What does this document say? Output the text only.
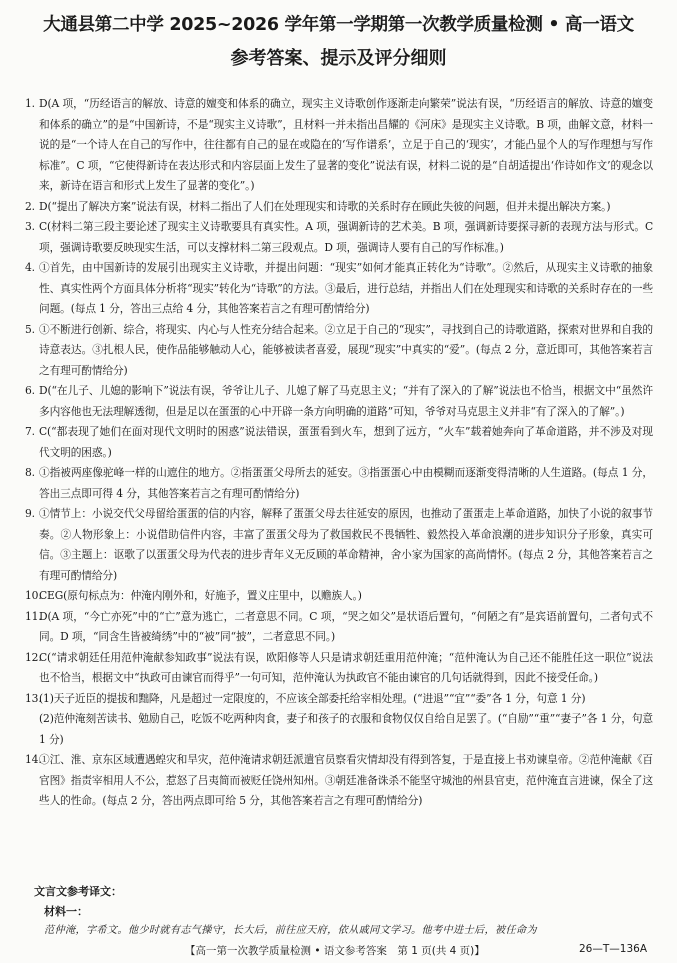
大通县第二中学 2025~2026 学年第一学期第一次教学质量检测 • 高一语文
参考答案、提示及评分细则
1. D(A 项，“历经语言的解放、诗意的嬗变和体系的确立，现实主义诗歌创作逐渐走向繁荣”说法有误，“历经语言的解放、诗意的嬗变和体系的确立”的是“中国新诗，不是“现实主义诗歌”，且材料一并未指出昌耀的《河床》是现实主义诗歌。B 项，曲解文意，材料一说的是“一个诗人在自己的写作中，往往都有自己的显在或隐在的‘写作谱系’，立足于自己的‘现实’，才能凸显个人的写作理想与写作标准”。C 项，“它使得新诗在表达形式和内容层面上发生了显著的变化”说法有误，材料二说的是“自胡适提出‘作诗如作文’的观念以来，新诗在语言和形式上发生了显著的变化”。)
2. D(“提出了解决方案”说法有误，材料二指出了人们在处理现实和诗歌的关系时存在顾此失彼的问题，但并未提出解决方案。)
3. C(材料二第三段主要论述了现实主义诗歌要具有真实性。A 项，强调新诗的艺术美。B 项，强调新诗要探寻新的表现方法与形式。C 项，强调诗歌要反映现实生活，可以支撑材料二第三段观点。D 项，强调诗人要有自己的写作标准。)
4. ①首先，由中国新诗的发展引出现实主义诗歌，并提出问题：“现实”如何才能真正转化为“诗歌”。②然后，从现实主义诗歌的抽象性、真实性两个方面具体分析将“现实”转化为“诗歌”的方法。③最后，进行总结，并指出人们在处理现实和诗歌的关系时存在的一些问题。(每点 1 分，答出三点给 4 分，其他答案若言之有理可酌情给分)
5. ①不断进行创新、综合，将现实、内心与人性充分结合起来。②立足于自己的“现实”，寻找到自己的诗歌道路，探索对世界和自我的诗意表达。③扎根人民，使作品能够触动人心，能够被读者喜爱，展现“现实”中真实的“爱”。(每点 2 分，意近即可，其他答案若言之有理可酌情给分)
6. D(“在儿子、儿媳的影响下”说法有误，爷爷让儿子、儿媳了解了马克思主义；“并有了深入的了解”说法也不恰当，根据文中“虽然许多内容他也无法理解透彻，但是足以在蛋蛋的心中开辟一条方向明确的道路”可知，爷爷对马克思主义并非“有了深入的了解”。)
7. C(“都表现了她们在面对现代文明时的困惑”说法错误，蛋蛋看到火车，想到了远方，“火车”载着她奔向了革命道路，并不涉及对现代文明的困惑。)
8. ①指被两座像驼峰一样的山遮住的地方。②指蛋蛋父母所去的延安。③指蛋蛋心中由模糊而逐渐变得清晰的人生道路。(每点 1 分，答出三点即可得 4 分，其他答案若言之有理可酌情给分)
9. ①情节上：小说交代父母留给蛋蛋的信的内容，解释了蛋蛋父母去往延安的原因，也推动了蛋蛋走上革命道路，加快了小说的叙事节奏。②人物形象上：小说借助信件内容，丰富了蛋蛋父母为了救国救民不畏牺牲、毅然投入革命浪潮的进步知识分子形象，真实可信。③主题上：讴歌了以蛋蛋父母为代表的进步青年义无反顾的革命精神，舍小家为国家的高尚情怀。(每点 2 分，其他答案若言之有理可酌情给分)
10.
CEG(原句标点为：仲淹内刚外和，好施予，置义庄里中，以赡族人。)
11.
D(A 项，“今亡亦死”中的“亡”意为逃亡，二者意思不同。C 项，“哭之如父”是状语后置句，“何陋之有”是宾语前置句，二者句式不同。D 项，“同含生皆被绮绣”中的“被”同“披”，二者意思不同。)
12.
C(“请求朝廷任用范仲淹献参知政事”说法有误，欧阳修等人只是请求朝廷重用范仲淹；“范仲淹认为自己还不能胜任这一职位”说法也不恰当，根据文中“执政可由谏官而得乎”一句可知，范仲淹认为执政官不能由谏官的几句话就得到，因此不接受任命。)
13.
(1)天子近臣的提拔和黜降，凡是超过一定限度的，不应该全部委托给宰相处理。(“进退”“宜”“委”各 1 分，句意 1 分)
(2)范仲淹刻苦读书、勉励自己，吃饭不吃两种肉食，妻子和孩子的衣服和食物仅仅自给自足罢了。(“自励”“重”“妻子”各 1 分，句意 1 分)
14.
①江、淮、京东区域遭遇蝗灾和旱灾，范仲淹请求朝廷派遣官员察看灾情却没有得到答复，于是直接上书劝谏皇帝。②范仲淹献《百官图》指责宰相用人不公，惹怒了吕夷简而被贬任饶州知州。③朝廷准备诛杀不能坚守城池的州县官吏，范仲淹直言进谏，保全了这些人的性命。(每点 2 分，答出两点即可给 5 分，其他答案若言之有理可酌情给分)
文言文参考译文：
材料一：
范仲淹，字希文。他少时就有志气操守，长大后，前往应天府，依从戚同文学习。他考中进士后，被任命为
【高一第一次教学质量检测 • 语文参考答案　第 1 页(共 4 页)】	26—T—136A
